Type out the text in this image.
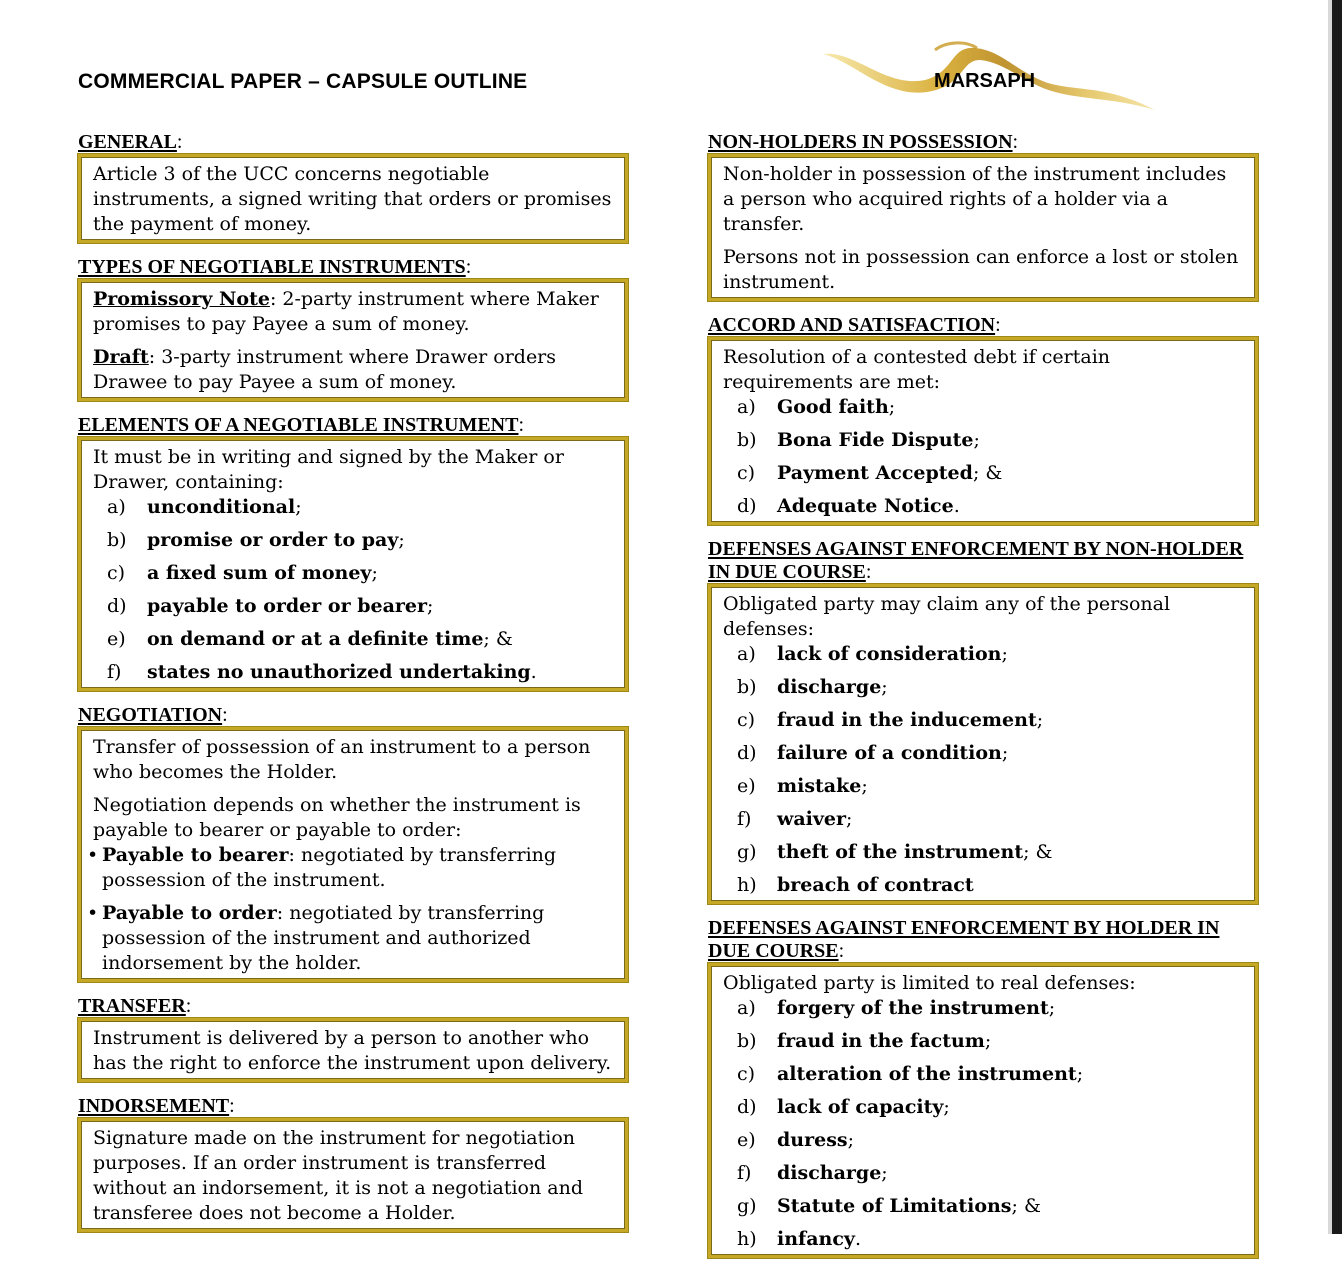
COMMERCIAL PAPER – CAPSULE OUTLINE	MARSAPH
GENERAL:

Article 3 of the UCC concerns negotiable instruments, a signed writing that orders or promises the payment of money.

TYPES OF NEGOTIABLE INSTRUMENTS:

Promissory Note: 2-party instrument where Maker promises to pay Payee a sum of money.

Draft: 3-party instrument where Drawer orders Drawee to pay Payee a sum of money.

ELEMENTS OF A NEGOTIABLE INSTRUMENT:

It must be in writing and signed by the Maker or Drawer, containing:

a)	unconditional;
b)	promise or order to pay;
c)	a fixed sum of money;
d)	payable to order or bearer;
e)	on demand or at a definite time; &
f)	states no unauthorized undertaking.
NEGOTIATION:

Transfer of possession of an instrument to a person who becomes the Holder.

Negotiation depends on whether the instrument is payable to bearer or payable to order:

• Payable to bearer: negotiated by transferring possession of the instrument.
• Payable to order: negotiated by transferring possession of the instrument and authorized indorsement by the holder.
TRANSFER:

Instrument is delivered by a person to another who has the right to enforce the instrument upon delivery.

INDORSEMENT:

Signature made on the instrument for negotiation purposes. If an order instrument is transferred without an indorsement, it is not a negotiation and transferee does not become a Holder.

NON-HOLDERS IN POSSESSION:

Non-holder in possession of the instrument includes a person who acquired rights of a holder via a transfer.

Persons not in possession can enforce a lost or stolen instrument.

ACCORD AND SATISFACTION:

Resolution of a contested debt if certain requirements are met:

a)	Good faith;
b)	Bona Fide Dispute;
c)	Payment Accepted; &
d)	Adequate Notice.
DEFENSES AGAINST ENFORCEMENT BY NON-HOLDER IN DUE COURSE:

Obligated party may claim any of the personal defenses:

a)	lack of consideration;
b)	discharge;
c)	fraud in the inducement;
d)	failure of a condition;
e)	mistake;
f)	waiver;
g)	theft of the instrument; &
h)	breach of contract
DEFENSES AGAINST ENFORCEMENT BY HOLDER IN DUE COURSE:

Obligated party is limited to real defenses:

a)	forgery of the instrument;
b)	fraud in the factum;
c)	alteration of the instrument;
d)	lack of capacity;
e)	duress;
f)	discharge;
g)	Statute of Limitations; &
h)	infancy.
